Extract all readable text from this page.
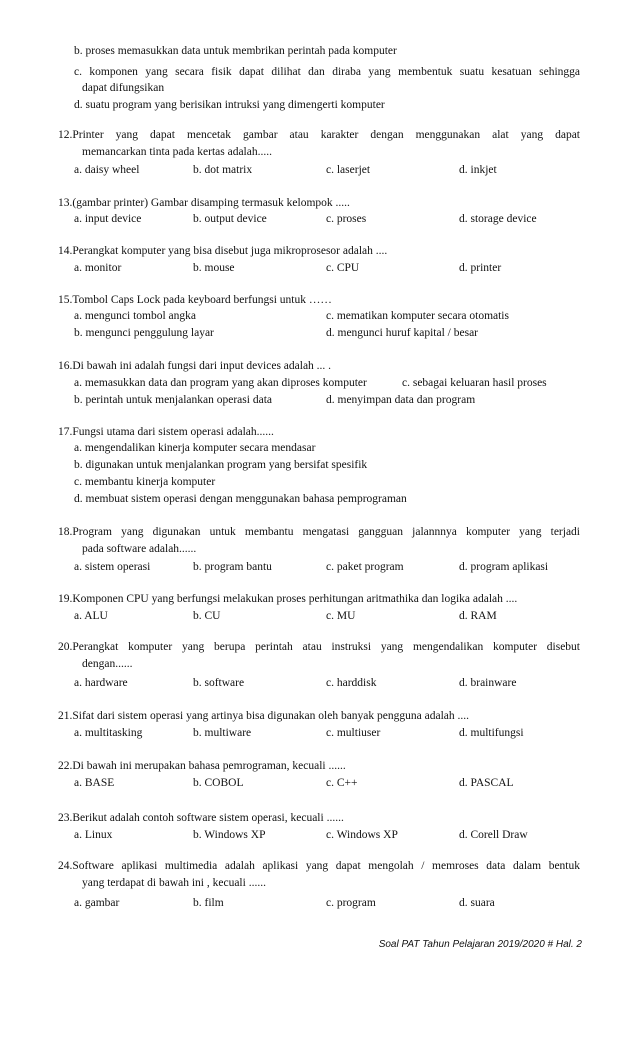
b. proses memasukkan data untuk membrikan perintah pada komputer
c. komponen yang secara fisik dapat dilihat dan diraba yang membentuk suatu kesatuan sehingga
dapat difungsikan
d. suatu program yang berisikan intruksi yang dimengerti komputer
12.Printer yang dapat mencetak gambar atau karakter dengan menggunakan alat yang dapat
memancarkan tinta pada kertas adalah.....
a. daisy wheel	b. dot matrix	c. laserjet	d. inkjet
13.(gambar printer) Gambar disamping termasuk kelompok .....
a. input device	b. output device	c. proses	d. storage device
14.Perangkat komputer yang bisa disebut juga mikroprosesor adalah ....
a. monitor	b. mouse	c. CPU	d. printer
15.Tombol Caps Lock pada keyboard berfungsi untuk ……
a. mengunci tombol angka	c. mematikan komputer secara otomatis
b. mengunci penggulung layar	d. mengunci huruf kapital / besar
16.Di bawah ini adalah fungsi dari input devices adalah ... .
a. memasukkan data dan program yang akan diproses komputer	c. sebagai keluaran hasil proses
b. perintah untuk menjalankan operasi data	d. menyimpan data dan program
17.Fungsi utama dari sistem operasi adalah......
a. mengendalikan kinerja komputer secara mendasar
b. digunakan untuk menjalankan program yang bersifat spesifik
c. membantu kinerja komputer
d. membuat sistem operasi dengan menggunakan bahasa pemprograman
18.Program yang digunakan untuk membantu mengatasi gangguan jalannnya komputer yang terjadi
pada software adalah......
a. sistem operasi	b. program bantu	c. paket program	d. program aplikasi
19.Komponen CPU yang berfungsi melakukan proses perhitungan aritmathika dan logika adalah ....
a. ALU	b. CU	c. MU	d. RAM
20.Perangkat komputer yang berupa perintah atau instruksi yang mengendalikan komputer disebut
dengan......
a. hardware	b. software	c. harddisk	d. brainware
21.Sifat dari sistem operasi yang artinya bisa digunakan oleh banyak pengguna adalah ....
a. multitasking	b. multiware	c. multiuser	d. multifungsi
22.Di bawah ini merupakan bahasa pemrograman, kecuali ......
a. BASE	b. COBOL	c. C++	d. PASCAL
23.Berikut adalah contoh software sistem operasi, kecuali ......
a. Linux	b. Windows XP	c. Windows XP	d. Corell Draw
24.Software aplikasi multimedia adalah aplikasi yang dapat mengolah / memroses data dalam bentuk
yang terdapat di bawah ini , kecuali ......
a. gambar	b. film	c. program	d. suara
Soal PAT Tahun Pelajaran 2019/2020 # Hal. 2
